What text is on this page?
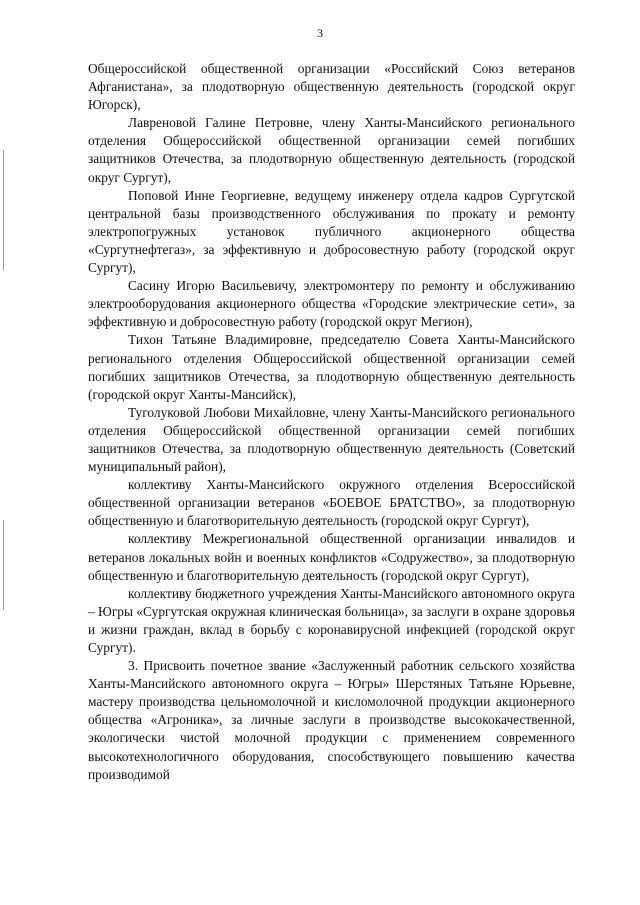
3

Общероссийской общественной организации «Российский Союз ветеранов Афганистана», за плодотворную общественную деятельность (городской округ Югорск),

Лавреновой Галине Петровне, члену Ханты-Мансийского регионального отделения Общероссийской общественной организации семей погибших защитников Отечества, за плодотворную общественную деятельность (городской округ Сургут),

Поповой Инне Георгиевне, ведущему инженеру отдела кадров Сургутской центральной базы производственного обслуживания по прокату и ремонту электропогружных установок публичного акционерного общества «Сургутнефтегаз», за эффективную и добросовестную работу (городской округ Сургут),

Сасину Игорю Васильевичу, электромонтеру по ремонту и обслуживанию электрооборудования акционерного общества «Городские электрические сети», за эффективную и добросовестную работу (городской округ Мегион),

Тихон Татьяне Владимировне, председателю Совета Ханты-Мансийского регионального отделения Общероссийской общественной организации семей погибших защитников Отечества, за плодотворную общественную деятельность (городской округ Ханты-Мансийск),

Туголуковой Любови Михайловне, члену Ханты-Мансийского регионального отделения Общероссийской общественной организации семей погибших защитников Отечества, за плодотворную общественную деятельность (Советский муниципальный район),

коллективу Ханты-Мансийского окружного отделения Всероссийской общественной организации ветеранов «БОЕВОЕ БРАТСТВО», за плодотворную общественную и благотворительную деятельность (городской округ Сургут),

коллективу Межрегиональной общественной организации инвалидов и ветеранов локальных войн и военных конфликтов «Содружество», за плодотворную общественную и благотворительную деятельность (городской округ Сургут),

коллективу бюджетного учреждения Ханты-Мансийского автономного округа – Югры «Сургутская окружная клиническая больница», за заслуги в охране здоровья и жизни граждан, вклад в борьбу с коронавирусной инфекцией (городской округ Сургут).

3. Присвоить почетное звание «Заслуженный работник сельского хозяйства Ханты-Мансийского автономного округа – Югры» Шерстяных Татьяне Юрьевне, мастеру производства цельномолочной и кисломолочной продукции акционерного общества «Агроника», за личные заслуги в производстве высококачественной, экологически чистой молочной продукции с применением современного высокотехнологичного оборудования, способствующего повышению качества производимой
